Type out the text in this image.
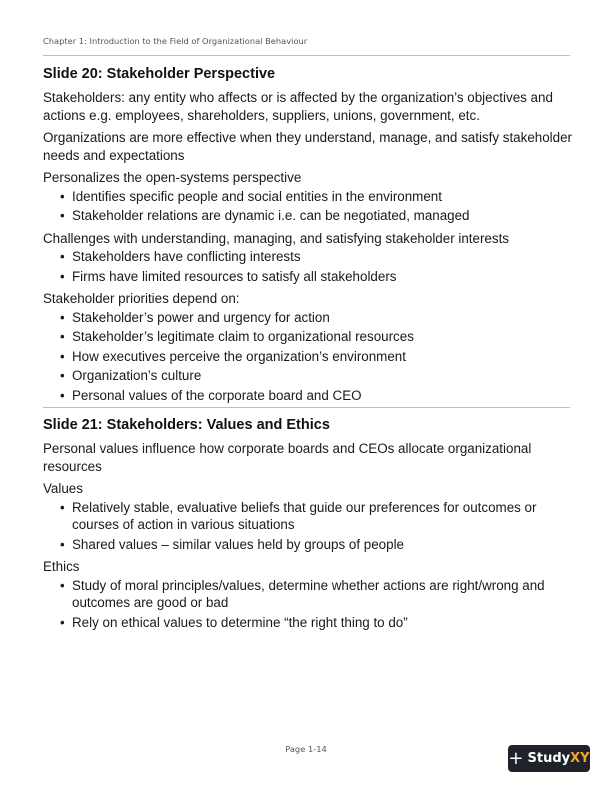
Chapter 1: Introduction to the Field of Organizational Behaviour
Slide 20: Stakeholder Perspective

Stakeholders: any entity who affects or is affected by the organization’s objectives and actions e.g. employees, shareholders, suppliers, unions, government, etc.

Organizations are more effective when they understand, manage, and satisfy stakeholder needs and expectations

Personalizes the open-systems perspective

• Identifies specific people and social entities in the environment
• Stakeholder relations are dynamic i.e. can be negotiated, managed

Challenges with understanding, managing, and satisfying stakeholder interests

• Stakeholders have conflicting interests
• Firms have limited resources to satisfy all stakeholders

Stakeholder priorities depend on:

• Stakeholder’s power and urgency for action
• Stakeholder’s legitimate claim to organizational resources
• How executives perceive the organization’s environment
• Organization’s culture
• Personal values of the corporate board and CEO
Slide 21: Stakeholders: Values and Ethics

Personal values influence how corporate boards and CEOs allocate organizational resources

Values

• Relatively stable, evaluative beliefs that guide our preferences for outcomes or courses of action in various situations
• Shared values – similar values held by groups of people

Ethics

• Study of moral principles/values, determine whether actions are right/wrong and outcomes are good or bad
• Rely on ethical values to determine “the right thing to do”
Page 1-14	+ Study XY
